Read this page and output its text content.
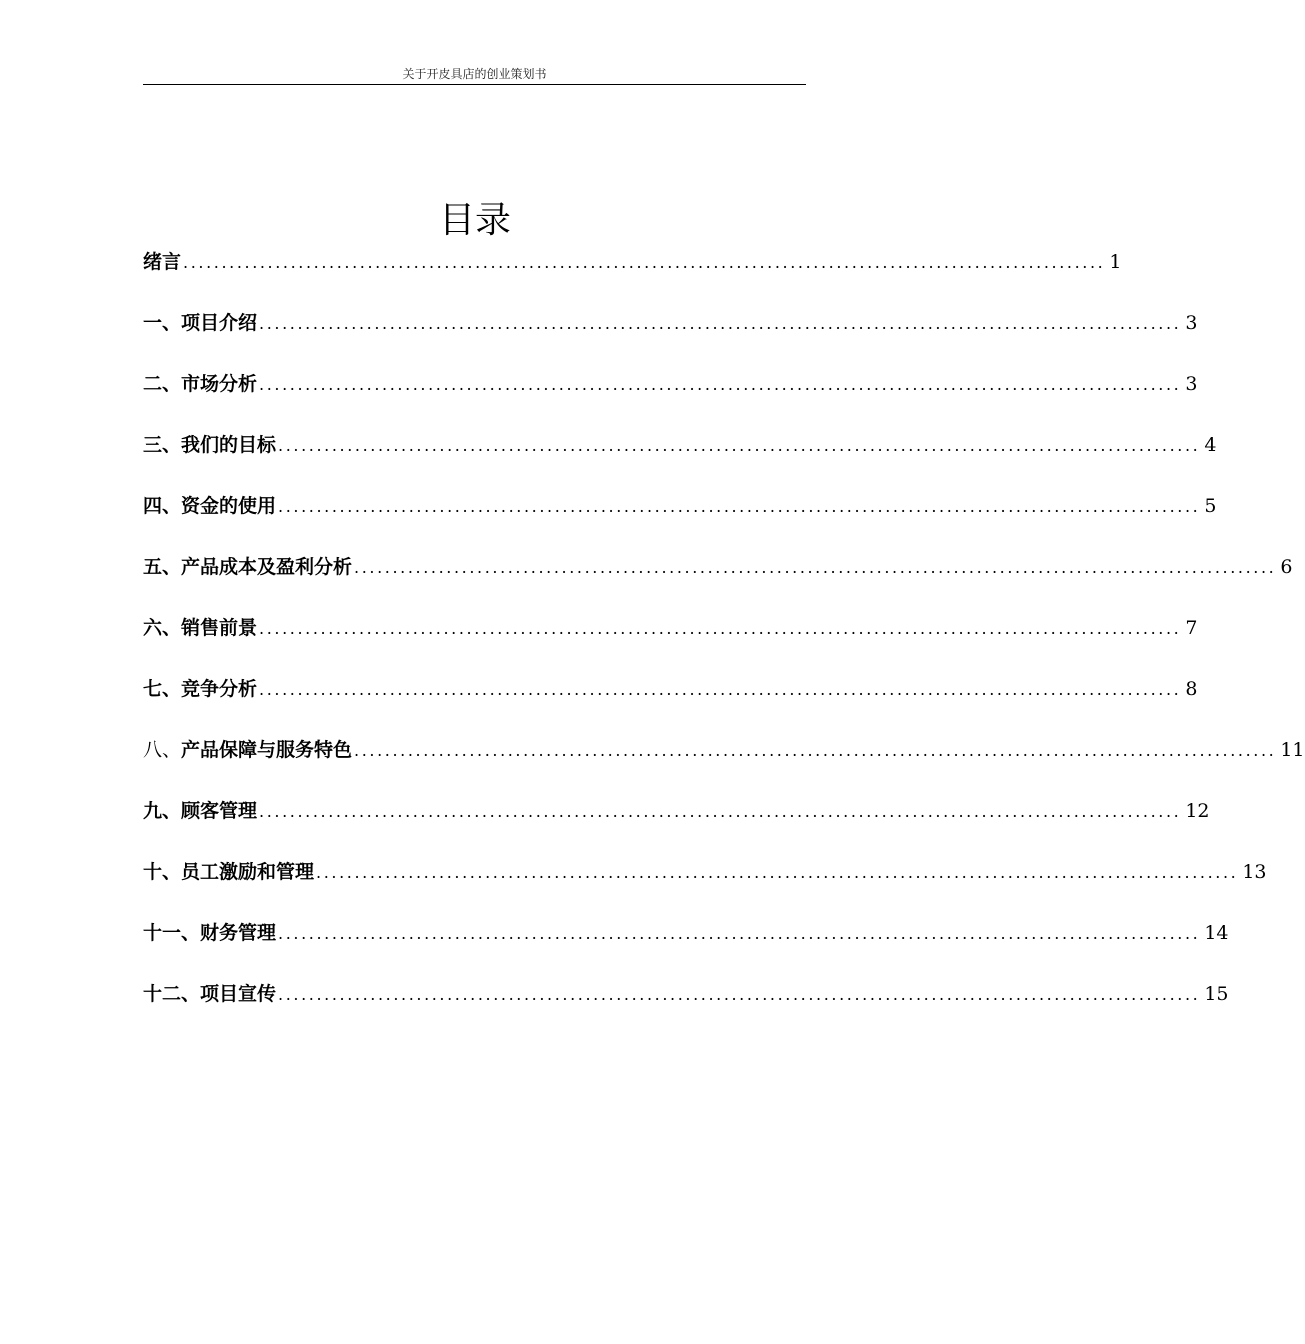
关于开皮具店的创业策划书
目录
绪言 ........................................................................................................................ 1
一、 项目介绍 ........................................................................................................................ 3
二、 市场分析 ........................................................................................................................ 3
三、 我们的目标 ........................................................................................................................ 4
四、 资金的使用 ........................................................................................................................ 5
五、 产品成本及盈利分析 ........................................................................................................................ 6
六、 销售前景 ........................................................................................................................ 7
七、 竞争分析 ........................................................................................................................ 8
八、 产品保障与服务特色 ........................................................................................................................ 11
九、 顾客管理 ........................................................................................................................ 12
十、 员工激励和管理 ........................................................................................................................ 13
十一、 财务管理 ........................................................................................................................ 14
十二、 项目宣传 ........................................................................................................................ 15
